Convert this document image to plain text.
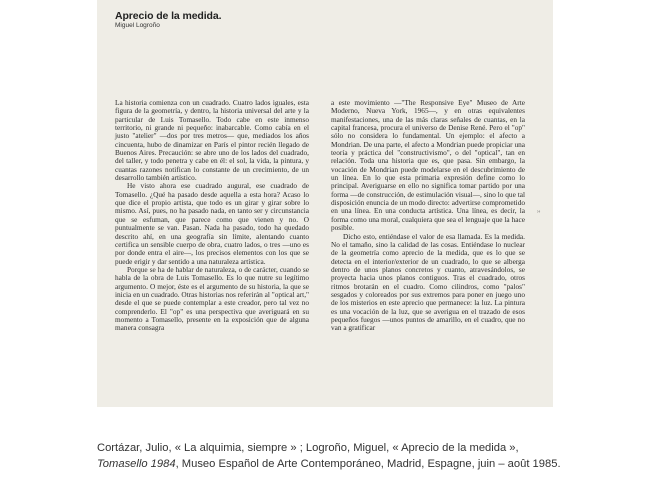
Aprecio de la medida.
Miguel Logroño

La historia comienza con un cuadrado. Cuatro lados iguales, esta figura de la geometría, y dentro, la historia universal del arte y la particular de Luis Tomasello. Todo cabe en este inmenso territorio, ni grande ni pequeño: inabarcable. Como cabía en el justo "atelier" —dos por tres metros— que, mediados los años cincuenta, hubo de dinamizar en París el pintor recién llegado de Buenos Aires. Precaución: se abre uno de los lados del cuadrado, del taller, y todo penetra y cabe en él: el sol, la vida, la pintura, y cuantas razones notifican lo constante de un crecimiento, de un desarrollo también artístico.

He visto ahora ese cuadrado augural, ese cuadrado de Tomasello. ¿Qué ha pasado desde aquella a esta hora? Acaso lo que dice el propio artista, que todo es un girar y girar sobre lo mismo. Así, pues, no ha pasado nada, en tanto ser y circunstancia que se esfuman, que parece como que vienen y no. O puntualmente se van. Pasan. Nada ha pasado, todo ha quedado descrito ahí, en una geografía sin límite, alentando cuanto certifica un sensible cuerpo de obra, cuatro lados, o tres —uno es por donde entra el aire—, los precisos elementos con los que se puede erigir y dar sentido a una naturaleza artística.

Porque se ha de hablar de naturaleza, o de carácter, cuando se habla de la obra de Luis Tomasello. Es lo que nutre su legítimo argumento. O mejor, éste es el argumento de su historia, la que se inicia en un cuadrado. Otras historias nos referirán al "optical art," desde el que se puede contemplar a este creador, pero tal vez no comprenderlo. El "op" es una perspectiva que averiguará en su momento a Tomasello, presente en la exposición que de alguna manera consagra

a este movimiento —"The Responsive Eye" Museo de Arte Moderno, Nueva York, 1965—, y en otras equivalentes manifestaciones, una de las más claras señales de cuantas, en la capital francesa, procura el universo de Denise René. Pero el "op" sólo no considera lo fundamental. Un ejemplo: el afecto a Mondrian. De una parte, el afecto a Mondrian puede propiciar una teoría y práctica del "constructivismo", o del "optical", tan en relación. Toda una historia que es, que pasa. Sin embargo, la vocación de Mondrian puede modelarse en el descubrimiento de un línea. En lo que esta primaria expresión define como lo principal. Averiguarse en ello no significa tomar partido por una forma —de construcción, de estimulación visual—, sino lo que tal disposición enuncia de un modo directo: advertirse comprometido en una línea. En una conducta artística. Una línea, es decir, la forma como una moral, cualquiera que sea el lenguaje que la hace posible.

Dicho esto, entiéndase el valor de esa llamada. Es la medida. No el tamaño, sino la calidad de las cosas. Entiéndase lo nuclear de la geometría como aprecio de la medida, que es lo que se detecta en el interior/exterior de un cuadrado, lo que se alberga dentro de unos planos concretos y cuanto, atravesándolos, se proyecta hacia unos planos contiguos. Tras el cuadrado, otros ritmos brotarán en el cuadro. Como cilindros, como "palos" sesgados y coloreados por sus extremos para poner en juego uno de los misterios en este aprecio que permanece: la luz. La pintura es una vocación de la luz, que se averigua en el trazado de esos pequeños fuegos —unos puntos de amarillo, en el cuadro, que no van a gratificar

››
Cortázar, Julio, « La alquimia, siempre » ; Logroño, Miguel, « Aprecio de la medida »,
Tomasello 1984, Museo Español de Arte Contemporáneo, Madrid, Espagne, juin – août 1985.
